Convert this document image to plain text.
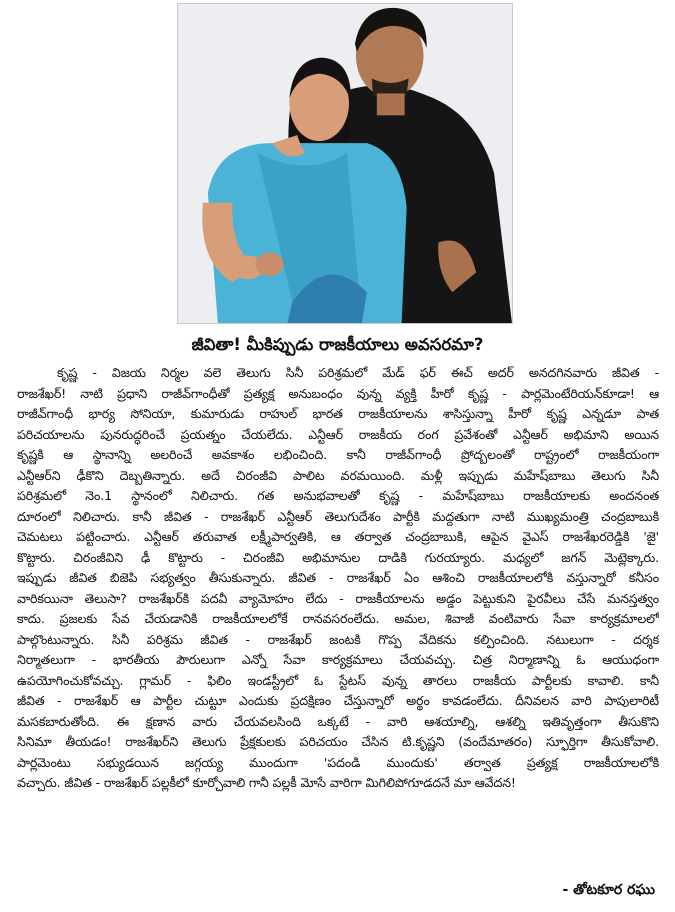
జీవితా! మీకిప్పుడు రాజకీయాలు అవసరమా?
కృష్ణ - విజయ నిర్మల వలె తెలుగు సినీ పరిశ్రమలో మేడ్ ఫర్ ఈచ్ అదర్ అనదగినవారు జీవిత -
రాజశేఖర్! నాటి ప్రధాని రాజీవ్‌గాంధీతో ప్రత్యక్ష అనుబంధం వున్న వ్యక్తి హీరో కృష్ణ - పార్లమెంటేరియన్‌కూడా! ఆ
రాజీవ్‌గాంధీ భార్య సోనియా, కుమారుడు రాహుల్ భారత రాజకీయాలను శాసిస్తున్నా హీరో కృష్ణ ఎన్నడూ పాత
పరిచయాలను పునరుద్ధరించే ప్రయత్నం చేయలేదు. ఎన్టీఆర్ రాజకీయ రంగ ప్రవేశంతో ఎన్టీఆర్ అభిమాని అయిన
కృష్ణకి ఆ స్థానాన్ని అలరించే అవకాశం లభించింది. కానీ రాజీవ్‌గాంధీ ప్రోద్బలంతో రాష్ట్రంలో రాజకీయంగా
ఎన్టీఆర్‌ని ఢీకొని దెబ్బతిన్నారు. అదే చిరంజీవి పాలిట వరమయింది. మళ్లీ ఇప్పుడు మహేష్‌బాబు తెలుగు సినీ
పరిశ్రమలో నెం.1 స్థానంలో నిలిచారు. గత అనుభవాలతో కృష్ణ - మహేష్‌బాబు రాజకీయాలకు అందనంత
దూరంలో నిలిచారు. కానీ జీవిత - రాజశేఖర్ ఎన్టీఆర్ తెలుగుదేశం పార్టీకి మద్దతుగా నాటి ముఖ్యమంత్రి చంద్రబాబుకి
చెమటలు పట్టించారు. ఎన్టీఆర్ తరువాత లక్ష్మీపార్వతికి, ఆ తర్వాత చంద్రబాబుకి, ఆపైన వైఎస్ రాజశేఖరరెడ్డికి 'జై'
కొట్టారు. చిరంజీవిని ఢీ కొట్టారు - చిరంజీవి అభిమానుల దాడికి గురయ్యారు. మధ్యలో జగన్ మెట్లెక్కారు.
ఇప్పుడు జీవిత బిజెపి సభ్యత్వం తీసుకున్నారు. జీవిత - రాజశేఖర్ ఏం ఆశించి రాజకీయాలలోకి వస్తున్నారో కనీసం
వారికయినా తెలుసా? రాజశేఖర్‌కి పదవీ వ్యామోహం లేదు - రాజకీయాలను అడ్డం పెట్టుకుని పైరవీలు చేసే మనస్తత్వం
కాదు. ప్రజలకు సేవ చేయడానికి రాజకీయాలలోకే రానవసరంలేదు. అమల, శివాజీ వంటివారు సేవా కార్యక్రమాలలో
పాల్గొంటున్నారు. సినీ పరిశ్రమ జీవిత - రాజశేఖర్ జంటకి గొప్ప వేదికను కల్పించింది. నటులుగా - దర్శక
నిర్మాతలుగా - భారతీయ పౌరులుగా ఎన్నో సేవా కార్యక్రమాలు చేయవచ్చు. చిత్ర నిర్మాణాన్ని ఓ ఆయుధంగా
ఉపయోగించుకోవచ్చు. గ్లామర్ - ఫిలిం ఇండస్ట్రీలో ఓ స్టేటస్ వున్న తారలు రాజకీయ పార్టీలకు కావాలి. కానీ
జీవిత - రాజశేఖర్ ఆ పార్టీల చుట్టూ ఎందుకు ప్రదక్షిణం చేస్తున్నారో అర్థం కావడంలేదు. దీనివలన వారి పాపులారిటీ
మసకబారుతోంది. ఈ క్షణాన వారు చేయవలసింది ఒక్కటే - వారి ఆశయాల్ని, ఆశల్ని ఇతివృత్తంగా తీసుకొని
సినిమా తీయడం! రాజశేఖర్‌ని తెలుగు ప్రేక్షకులకు పరిచయం చేసిన టి.కృష్ణని (వందేమాతరం) స్ఫూర్తిగా తీసుకోవాలి.
పార్లమెంటు సభ్యుడయిన జగ్గయ్య ముందుగా 'పదండి ముందుకు' తర్వాత ప్రత్యక్ష రాజకీయాలలోకి
వచ్చారు. జీవిత - రాజశేఖర్ పల్లకీలో కూర్చోవాలి గానీ పల్లకీ మోసే వారిగా మిగిలిపోగూడదనే మా ఆవేదన!
- తోటకూర రఘు
